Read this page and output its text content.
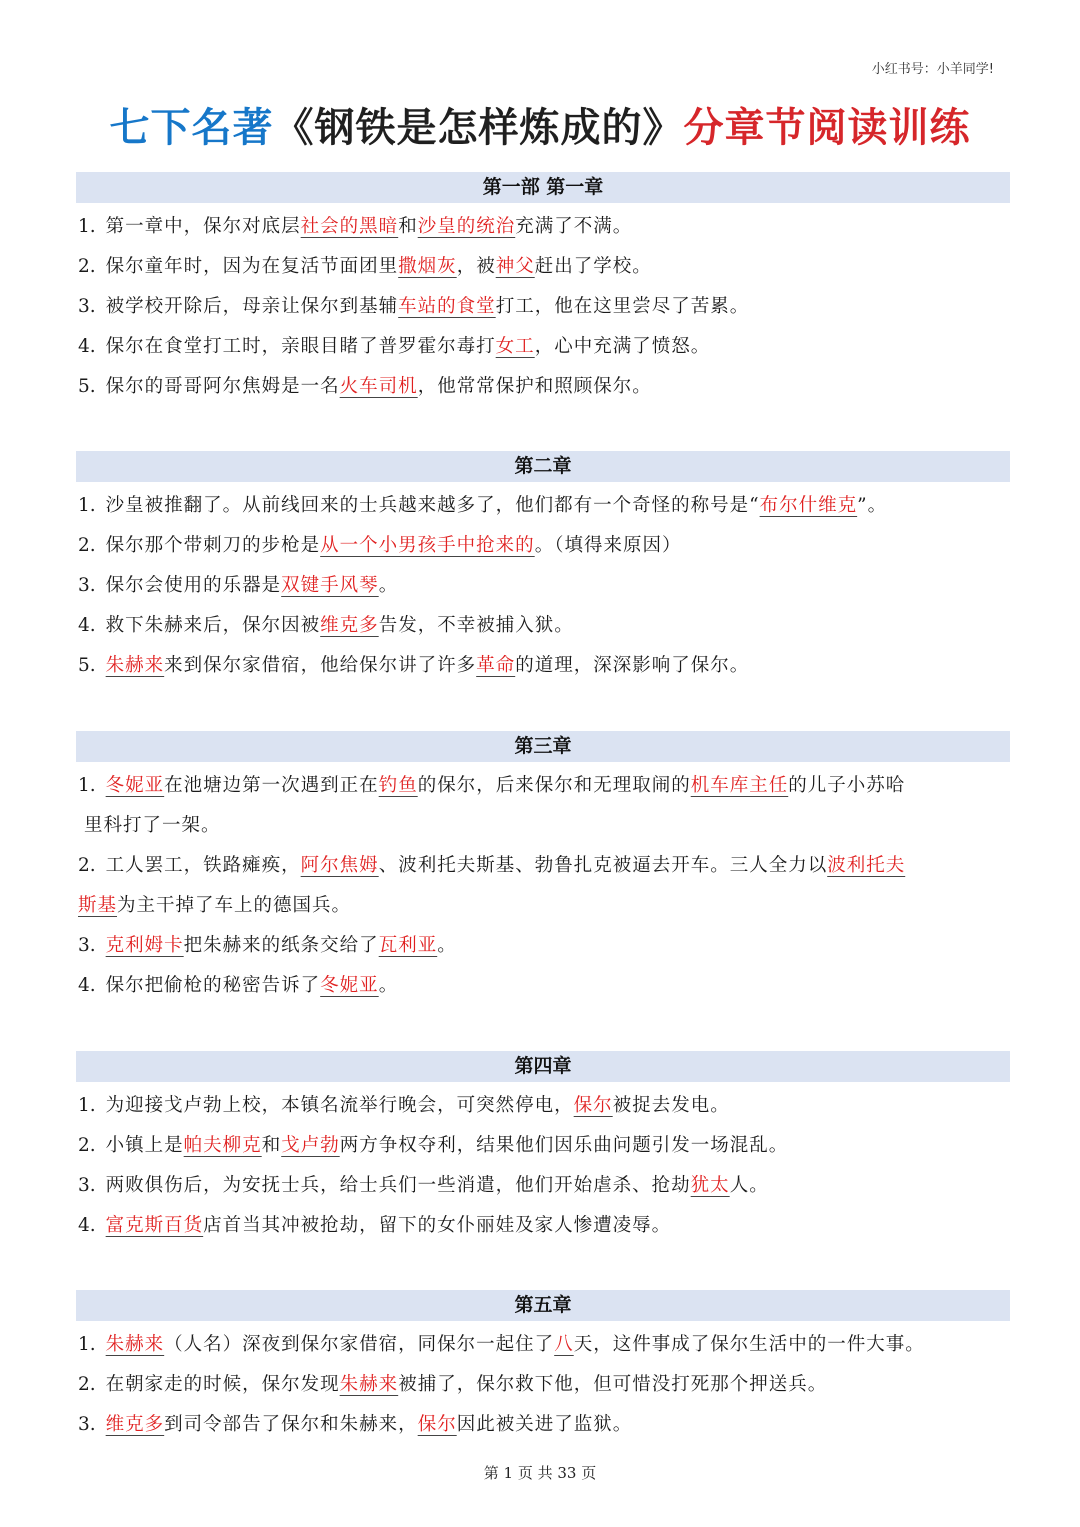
小红书号：小羊同学!
七下名著《钢铁是怎样炼成的》分章节阅读训练
第一部 第一章
1. 第一章中，保尔对底层社会的黑暗和沙皇的统治充满了不满。
2. 保尔童年时，因为在复活节面团里撒烟灰，被神父赶出了学校。
3. 被学校开除后，母亲让保尔到基辅车站的食堂打工，他在这里尝尽了苦累。
4. 保尔在食堂打工时，亲眼目睹了普罗霍尔毒打女工，心中充满了愤怒。
5. 保尔的哥哥阿尔焦姆是一名火车司机，他常常保护和照顾保尔。
第二章
1. 沙皇被推翻了。从前线回来的士兵越来越多了，他们都有一个奇怪的称号是“布尔什维克”。
2. 保尔那个带刺刀的步枪是从一个小男孩手中抢来的。（填得来原因）
3. 保尔会使用的乐器是双键手风琴。
4. 救下朱赫来后，保尔因被维克多告发，不幸被捕入狱。
5. 朱赫来来到保尔家借宿，他给保尔讲了许多革命的道理，深深影响了保尔。
第三章
1. 冬妮亚在池塘边第一次遇到正在钓鱼的保尔，后来保尔和无理取闹的机车库主任的儿子小苏哈
里科打了一架。
2. 工人罢工，铁路瘫痪，阿尔焦姆、波利托夫斯基、勃鲁扎克被逼去开车。三人全力以波利托夫
斯基为主干掉了车上的德国兵。
3. 克利姆卡把朱赫来的纸条交给了瓦利亚。
4. 保尔把偷枪的秘密告诉了冬妮亚。
第四章
1. 为迎接戈卢勃上校，本镇名流举行晚会，可突然停电，保尔被捉去发电。
2. 小镇上是帕夫柳克和戈卢勃两方争权夺利，结果他们因乐曲问题引发一场混乱。
3. 两败俱伤后，为安抚士兵，给士兵们一些消遣，他们开始虐杀、抢劫犹太人。
4. 富克斯百货店首当其冲被抢劫，留下的女仆丽娃及家人惨遭凌辱。
第五章
1. 朱赫来（人名）深夜到保尔家借宿，同保尔一起住了八天，这件事成了保尔生活中的一件大事。
2. 在朝家走的时候，保尔发现朱赫来被捕了，保尔救下他，但可惜没打死那个押送兵。
3. 维克多到司令部告了保尔和朱赫来，保尔因此被关进了监狱。
第 1 页 共 33 页
